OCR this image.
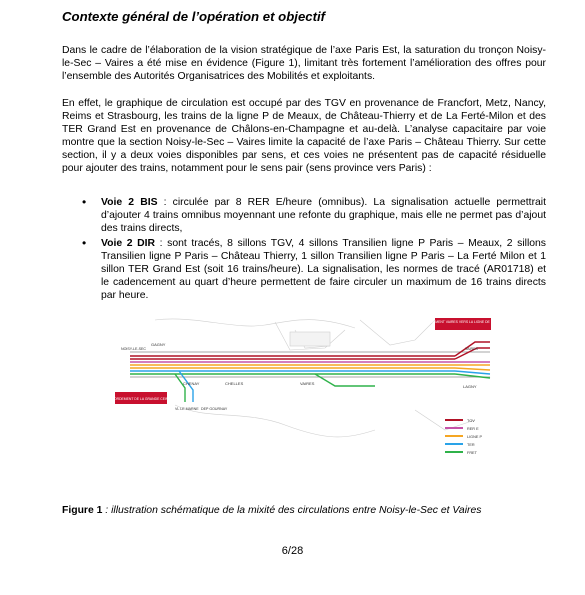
Contexte général de l’opération et objectif
Dans le cadre de l’élaboration de la vision stratégique de l’axe Paris Est, la saturation du tronçon Noisy-le-Sec – Vaires a été mise en évidence (Figure 1), limitant très fortement l’amélioration des offres pour l’ensemble des Autorités Organisatrices des Mobilités et exploitants.
En effet, le graphique de circulation est occupé par des TGV en provenance de Francfort, Metz, Nancy, Reims et Strasbourg, les trains de la ligne P de Meaux, de Château-Thierry et de La Ferté-Milon et des TER Grand Est en provenance de Châlons-en-Champagne et au-delà. L’analyse capacitaire par voie montre que la section Noisy-le-Sec – Vaires limite la capacité de l’axe Paris – Château Thierry. Sur cette section, il y a deux voies disponibles par sens, et ces voies ne présentent pas de capacité résiduelle pour ajouter des trains, notamment pour le sens pair (sens province vers Paris) :
• Voie 2 BIS : circulée par 8 RER E/heure (omnibus). La signalisation actuelle permettrait d’ajouter 4 trains omnibus moyennant une refonte du graphique, mais elle ne permet pas d’ajout des trains directs,
• Voie 2 DIR : sont tracés, 8 sillons TGV, 4 sillons Transilien ligne P Paris – Meaux, 2 sillons Transilien ligne P Paris – Château Thierry, 1 sillon Transilien ligne P Paris – La Ferté Milon et 1 sillon TER Grand Est (soit 16 trains/heure). La signalisation, les normes de tracé (AR01718) et le cadencement au quart d’heure permettent de faire circuler un maximum de 16 trains directs par heure.
RACCORDEMENT VAIRES VERS LA LIGNE DE FERRIÈRES
RACCORDEMENT DE LA GRANDE CEINTURE
GAGNY
CHENAY	CHELLES	VAIRES
LAGNY
NOISY-LE-SEC	VAIRES
VL LE MARNE DEP GOURNAY
TGV
RER E
LIGNE P
TER
FRET
Figure 1 : illustration schématique de la mixité des circulations entre Noisy-le-Sec et Vaires
6/28
